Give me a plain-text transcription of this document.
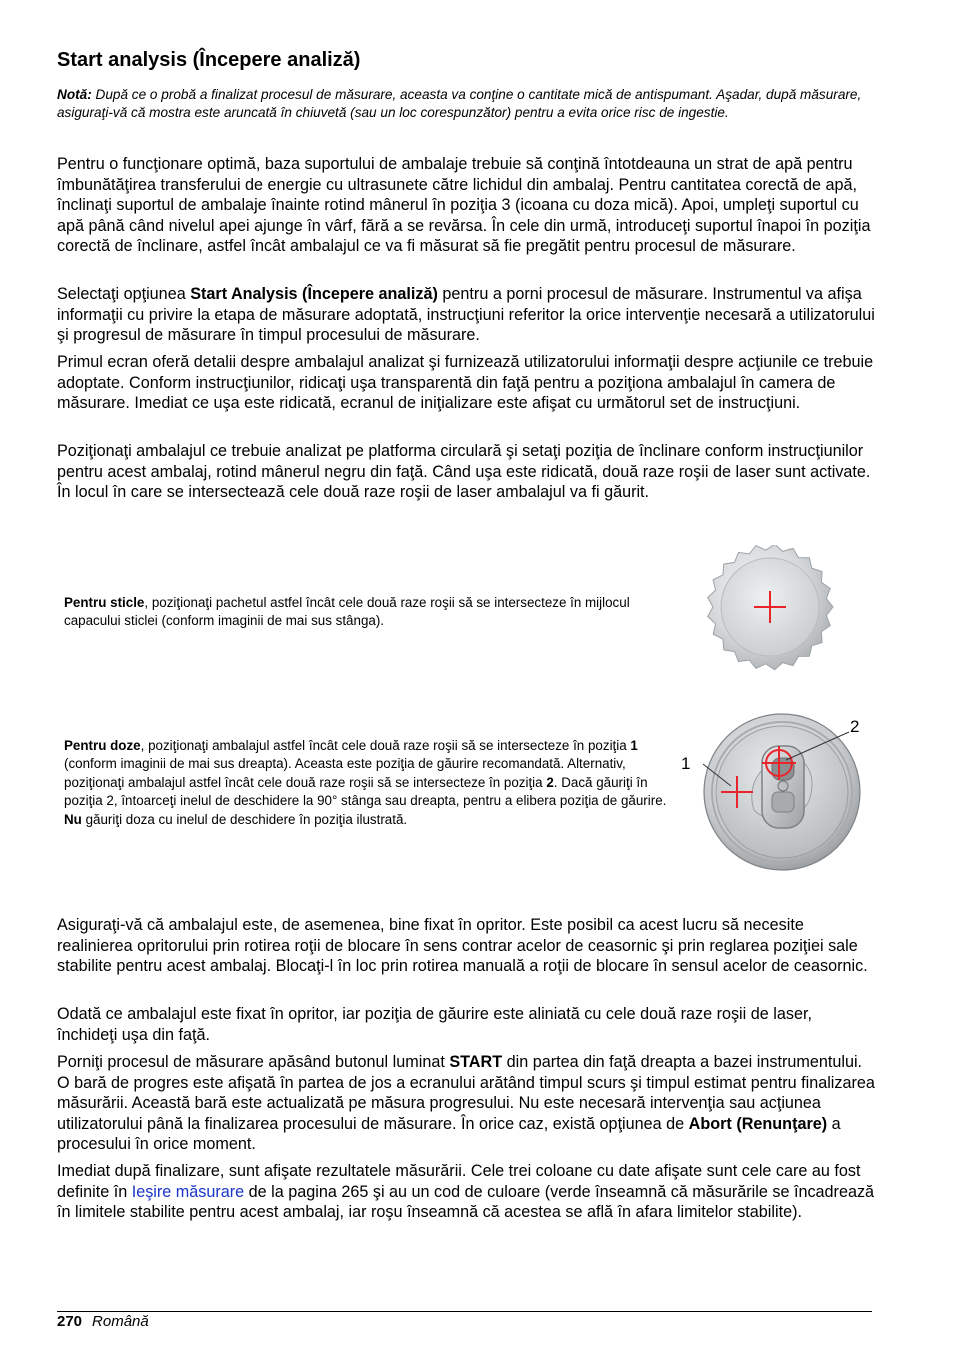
Start analysis (Începere analiză)
Notă: După ce o probă a finalizat procesul de măsurare, aceasta va conţine o cantitate mică de antispumant. Aşadar, după măsurare, asiguraţi-vă că mostra este aruncată în chiuvetă (sau un loc corespunzător) pentru a evita orice risc de ingestie.

Pentru o funcţionare optimă, baza suportului de ambalaje trebuie să conţină întotdeauna un strat de apă pentru îmbunătăţirea transferului de energie cu ultrasunete către lichidul din ambalaj. Pentru cantitatea corectă de apă, înclinaţi suportul de ambalaje înainte rotind mânerul în poziţia 3 (icoana cu doza mică). Apoi, umpleţi suportul cu apă până când nivelul apei ajunge în vârf, fără a se revărsa. În cele din urmă, introduceţi suportul înapoi în poziţia corectă de înclinare, astfel încât ambalajul ce va fi măsurat să fie pregătit pentru procesul de măsurare.

Selectaţi opţiunea Start Analysis (Începere analiză) pentru a porni procesul de măsurare. Instrumentul va afişa informaţii cu privire la etapa de măsurare adoptată, instrucţiuni referitor la orice intervenţie necesară a utilizatorului şi progresul de măsurare în timpul procesului de măsurare.

Primul ecran oferă detalii despre ambalajul analizat şi furnizează utilizatorului informaţii despre acţiunile ce trebuie adoptate. Conform instrucţiunilor, ridicaţi uşa transparentă din faţă pentru a poziţiona ambalajul în camera de măsurare. Imediat ce uşa este ridicată, ecranul de iniţializare este afişat cu următorul set de instrucţiuni.

Poziţionaţi ambalajul ce trebuie analizat pe platforma circulară şi setaţi poziţia de înclinare conform instrucţiunilor pentru acest ambalaj, rotind mânerul negru din faţă. Când uşa este ridicată, două raze roşii de laser sunt activate. În locul în care se intersectează cele două raze roşii de laser ambalajul va fi găurit.

Pentru sticle, poziţionaţi pachetul astfel încât cele două raze roşii să se intersecteze în mijlocul capacului sticlei (conform imaginii de mai sus stânga).
Pentru doze, poziţionaţi ambalajul astfel încât cele două raze roşii să se intersecteze în poziţia 1 (conform imaginii de mai sus dreapta). Aceasta este poziţia de găurire recomandată. Alternativ, poziţionaţi ambalajul astfel încât cele două raze roşii să se intersecteze în poziţia 2. Dacă găuriţi în poziţia 2, întoarceţi inelul de deschidere la 90° stânga sau dreapta, pentru a elibera poziţia de găurire. Nu găuriţi doza cu inelul de deschidere în poziţia ilustrată.
1
2

Asiguraţi-vă că ambalajul este, de asemenea, bine fixat în opritor. Este posibil ca acest lucru să necesite realinierea opritorului prin rotirea roţii de blocare în sens contrar acelor de ceasornic şi prin reglarea poziţiei sale stabilite pentru acest ambalaj. Blocaţi-l în loc prin rotirea manuală a roţii de blocare în sensul acelor de ceasornic.

Odată ce ambalajul este fixat în opritor, iar poziţia de găurire este aliniată cu cele două raze roşii de laser, închideţi uşa din faţă.

Porniţi procesul de măsurare apăsând butonul luminat START din partea din faţă dreapta a bazei instrumentului. O bară de progres este afişată în partea de jos a ecranului arătând timpul scurs şi timpul estimat pentru finalizarea măsurării. Această bară este actualizată pe măsura progresului. Nu este necesară intervenţia sau acţiunea utilizatorului până la finalizarea procesului de măsurare. În orice caz, există opţiunea de Abort (Renunţare) a procesului în orice moment.

Imediat după finalizare, sunt afişate rezultatele măsurării. Cele trei coloane cu date afişate sunt cele care au fost definite în Ieşire măsurare de la pagina 265 şi au un cod de culoare (verde înseamnă că măsurările se încadrează în limitele stabilite pentru acest ambalaj, iar roşu înseamnă că acestea se află în afara limitelor stabilite).

270 Română
